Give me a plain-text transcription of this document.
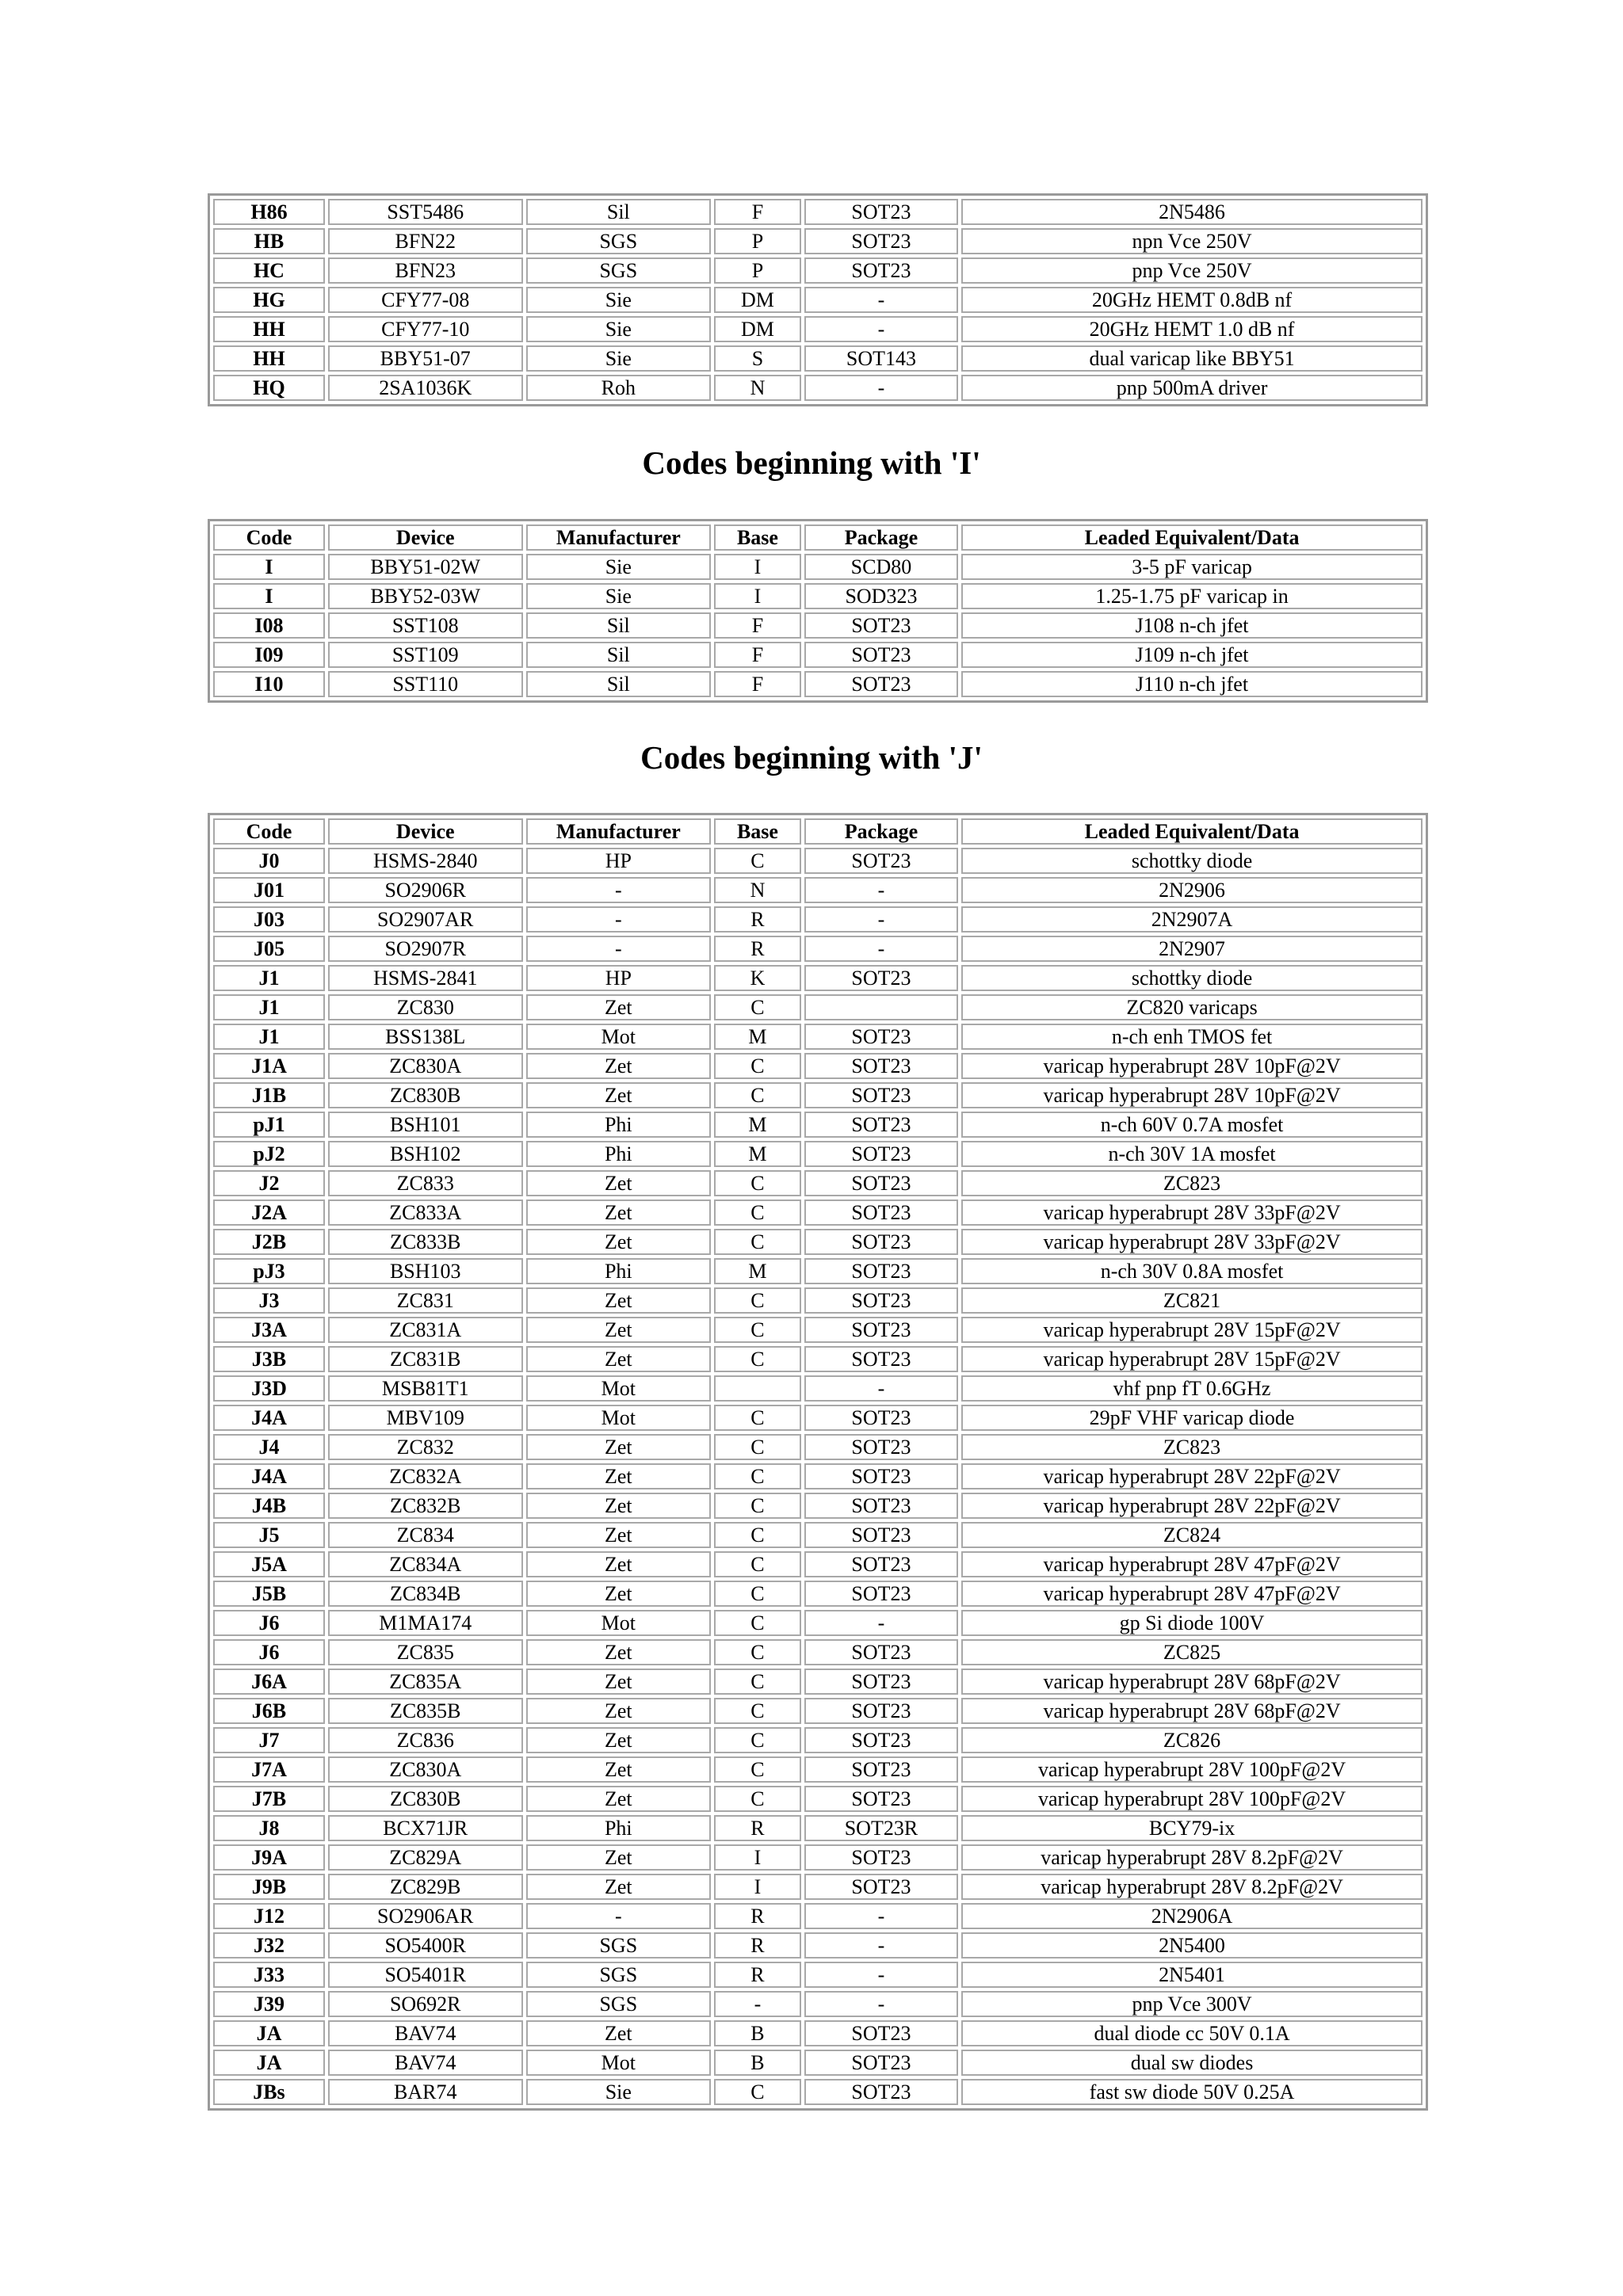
H86	SST5486	Sil	F	SOT23	2N5486
HB	BFN22	SGS	P	SOT23	npn Vce 250V
HC	BFN23	SGS	P	SOT23	pnp Vce 250V
HG	CFY77-08	Sie	DM	-	20GHz HEMT 0.8dB nf
HH	CFY77-10	Sie	DM	-	20GHz HEMT 1.0 dB nf
HH	BBY51-07	Sie	S	SOT143	dual varicap like BBY51
HQ	2SA1036K	Roh	N	-	pnp 500mA driver
Codes beginning with 'I'
Code	Device	Manufacturer	Base	Package	Leaded Equivalent/Data
I	BBY51-02W	Sie	I	SCD80	3-5 pF varicap
I	BBY52-03W	Sie	I	SOD323	1.25-1.75 pF varicap in
I08	SST108	Sil	F	SOT23	J108 n-ch jfet
I09	SST109	Sil	F	SOT23	J109 n-ch jfet
I10	SST110	Sil	F	SOT23	J110 n-ch jfet
Codes beginning with 'J'
Code	Device	Manufacturer	Base	Package	Leaded Equivalent/Data
J0	HSMS-2840	HP	C	SOT23	schottky diode
J01	SO2906R	-	N	-	2N2906
J03	SO2907AR	-	R	-	2N2907A
J05	SO2907R	-	R	-	2N2907
J1	HSMS-2841	HP	K	SOT23	schottky diode
J1	ZC830	Zet	C		ZC820 varicaps
J1	BSS138L	Mot	M	SOT23	n-ch enh TMOS fet
J1A	ZC830A	Zet	C	SOT23	varicap hyperabrupt 28V 10pF@2V
J1B	ZC830B	Zet	C	SOT23	varicap hyperabrupt 28V 10pF@2V
pJ1	BSH101	Phi	M	SOT23	n-ch 60V 0.7A mosfet
pJ2	BSH102	Phi	M	SOT23	n-ch 30V 1A mosfet
J2	ZC833	Zet	C	SOT23	ZC823
J2A	ZC833A	Zet	C	SOT23	varicap hyperabrupt 28V 33pF@2V
J2B	ZC833B	Zet	C	SOT23	varicap hyperabrupt 28V 33pF@2V
pJ3	BSH103	Phi	M	SOT23	n-ch 30V 0.8A mosfet
J3	ZC831	Zet	C	SOT23	ZC821
J3A	ZC831A	Zet	C	SOT23	varicap hyperabrupt 28V 15pF@2V
J3B	ZC831B	Zet	C	SOT23	varicap hyperabrupt 28V 15pF@2V
J3D	MSB81T1	Mot		-	vhf pnp fT 0.6GHz
J4A	MBV109	Mot	C	SOT23	29pF VHF varicap diode
J4	ZC832	Zet	C	SOT23	ZC823
J4A	ZC832A	Zet	C	SOT23	varicap hyperabrupt 28V 22pF@2V
J4B	ZC832B	Zet	C	SOT23	varicap hyperabrupt 28V 22pF@2V
J5	ZC834	Zet	C	SOT23	ZC824
J5A	ZC834A	Zet	C	SOT23	varicap hyperabrupt 28V 47pF@2V
J5B	ZC834B	Zet	C	SOT23	varicap hyperabrupt 28V 47pF@2V
J6	M1MA174	Mot	C	-	gp Si diode 100V
J6	ZC835	Zet	C	SOT23	ZC825
J6A	ZC835A	Zet	C	SOT23	varicap hyperabrupt 28V 68pF@2V
J6B	ZC835B	Zet	C	SOT23	varicap hyperabrupt 28V 68pF@2V
J7	ZC836	Zet	C	SOT23	ZC826
J7A	ZC830A	Zet	C	SOT23	varicap hyperabrupt 28V 100pF@2V
J7B	ZC830B	Zet	C	SOT23	varicap hyperabrupt 28V 100pF@2V
J8	BCX71JR	Phi	R	SOT23R	BCY79-ix
J9A	ZC829A	Zet	I	SOT23	varicap hyperabrupt 28V 8.2pF@2V
J9B	ZC829B	Zet	I	SOT23	varicap hyperabrupt 28V 8.2pF@2V
J12	SO2906AR	-	R	-	2N2906A
J32	SO5400R	SGS	R	-	2N5400
J33	SO5401R	SGS	R	-	2N5401
J39	SO692R	SGS	-	-	pnp Vce 300V
JA	BAV74	Zet	B	SOT23	dual diode cc 50V 0.1A
JA	BAV74	Mot	B	SOT23	dual sw diodes
JBs	BAR74	Sie	C	SOT23	fast sw diode 50V 0.25A
